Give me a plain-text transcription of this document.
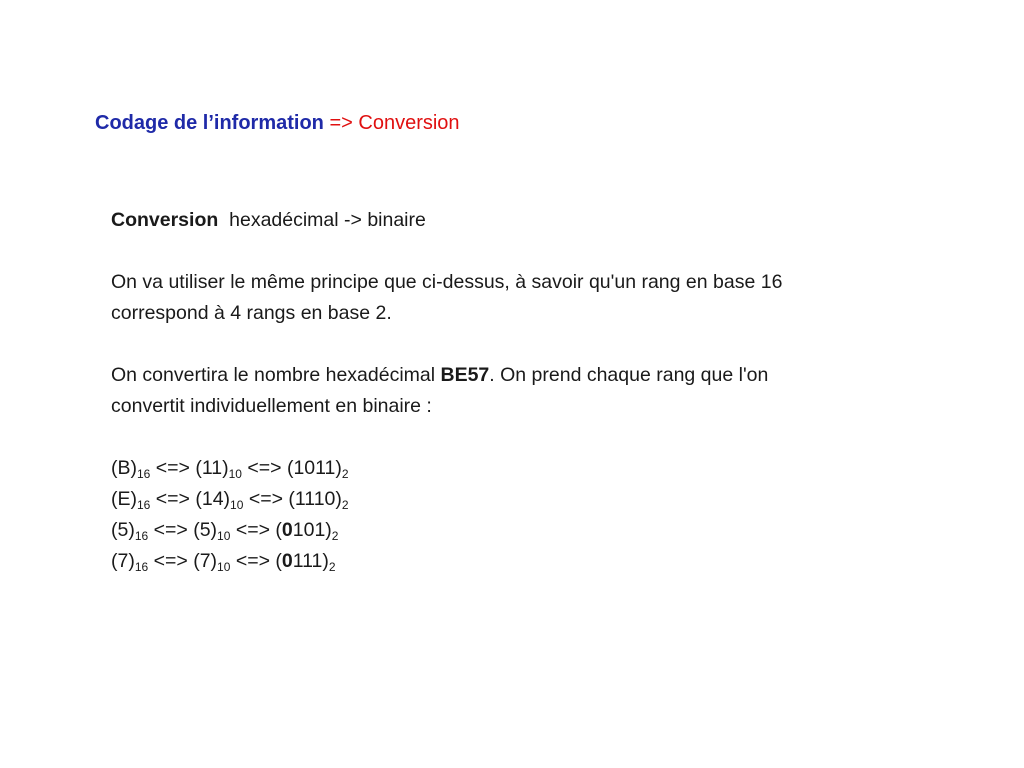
Codage de l’information => Conversion

Conversion hexadécimal -> binaire

On va utiliser le même principe que ci-dessus, à savoir qu'un rang en base 16
correspond à 4 rangs en base 2.

On convertira le nombre hexadécimal BE57. On prend chaque rang que l'on
convertit individuellement en binaire :

$(B)_{16}$ <=> $(11)_{10}$ <=> $(1011)_2$
$(E)_{16}$ <=> $(14)_{10}$ <=> $(1110)_2$
$(5)_{16}$ <=> $(5)_{10}$ <=> $(0101)_2$
$(7)_{16}$ <=> $(7)_{10}$ <=> $(0111)_2$
